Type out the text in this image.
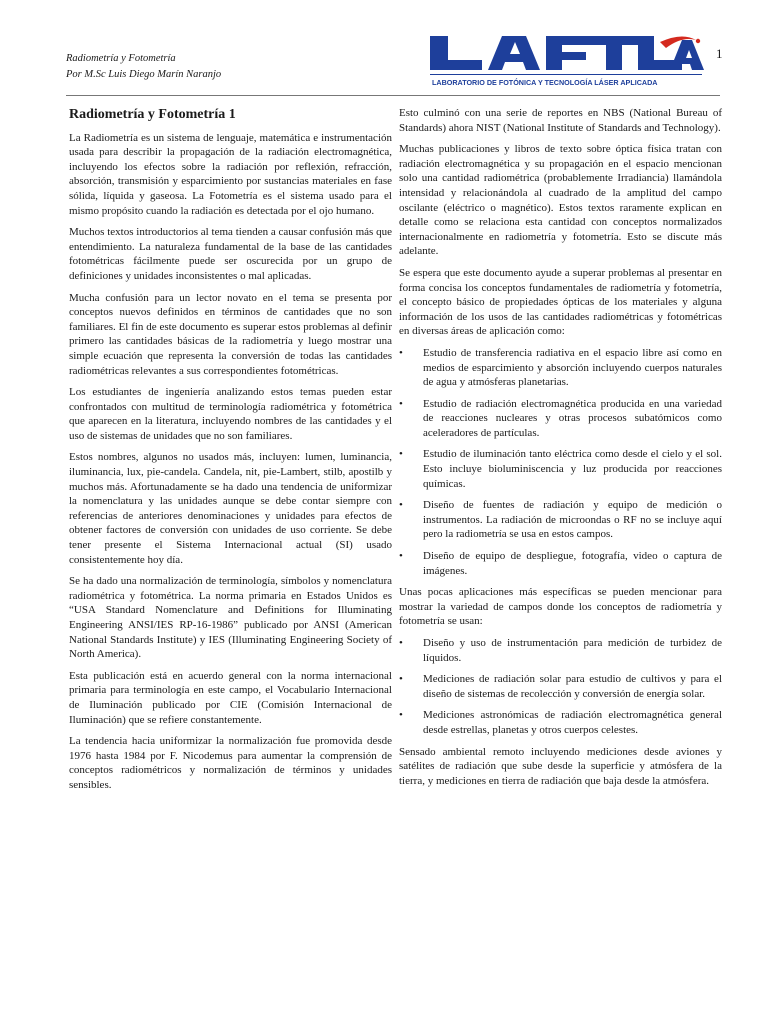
Radiometría y Fotometría
Por M.Sc Luis Diego Marín Naranjo
LABORATORIO DE FOTÓNICA Y TECNOLOGÍA LÁSER APLICADA
1
Radiometría y Fotometría 1

La Radiometría es un sistema de lenguaje, matemática e instrumentación usada para describir la propagación de la radiación electromagnética, incluyendo los efectos sobre la radiación por reflexión, refracción, absorción, transmisión y esparcimiento por sustancias materiales en fase sólida, líquida y gaseosa. La Fotometría es el sistema usado para el mismo propósito cuando la radiación es detectada por el ojo humano.

Muchos textos introductorios al tema tienden a causar confusión más que entendimiento. La naturaleza fundamental de la base de las cantidades fotométricas fácilmente puede ser oscurecida por un grupo de definiciones y unidades inconsistentes o mal aplicadas.

Mucha confusión para un lector novato en el tema se presenta por conceptos nuevos definidos en términos de cantidades que no son familiares. El fin de este documento es superar estos problemas al definir primero las cantidades básicas de la radiometría y luego mostrar una simple ecuación que representa la conversión de todas las cantidades radiométricas relevantes a sus correspondientes fotométricas.

Los estudiantes de ingeniería analizando estos temas pueden estar confrontados con multitud de terminología radiométrica y fotométrica que aparecen en la literatura, incluyendo nombres de las cantidades y el uso de sistemas de unidades que no son familiares.

Estos nombres, algunos no usados más, incluyen: lumen, luminancia, iluminancia, lux, pie-candela. Candela, nit, pie-Lambert, stilb, apostilb y muchos más. Afortunadamente se ha dado una tendencia de uniformizar la nomenclatura y las unidades aunque se debe contar siempre con referencias de anteriores denominaciones y unidades para efectos de obtener factores de conversión con unidades de uso corriente. Se debe tener presente el Sistema Internacional actual (SI) usado consistentemente hoy día.

Se ha dado una normalización de terminología, símbolos y nomenclatura radiométrica y fotométrica. La norma primaria en Estados Unidos es “USA Standard Nomenclature and Definitions for Illuminating Engineering ANSI/IES RP-16-1986” publicado por ANSI (American National Standards Institute) y IES (Illuminating Engineering Society of North America).

Esta publicación está en acuerdo general con la norma internacional primaria para terminología en este campo, el Vocabulario Internacional de Iluminación publicado por CIE (Comisión Internacional de Iluminación) que se refiere constantemente.

La tendencia hacia uniformizar la normalización fue promovida desde 1976 hasta 1984 por F. Nicodemus para aumentar la comprensión de conceptos radiométricos y normalización de términos y unidades sensibles.

Esto culminó con una serie de reportes en NBS (National Bureau of Standards) ahora NIST (National Institute of Standards and Technology).

Muchas publicaciones y libros de texto sobre óptica física tratan con radiación electromagnética y su propagación en el espacio mencionan solo una cantidad radiométrica (probablemente Irradiancia) llamándola intensidad y relacionándola al cuadrado de la amplitud del campo oscilante (eléctrico o magnético). Estos textos raramente explican en detalle como se relaciona esta cantidad con conceptos normalizados internacionalmente en radiometría y fotometría. Esto se discute más adelante.

Se espera que este documento ayude a superar problemas al presentar en forma concisa los conceptos fundamentales de radiometría y fotometría, el concepto básico de propiedades ópticas de los materiales y alguna información de los usos de las cantidades radiométricas y fotométricas en diversas áreas de aplicación como:

• Estudio de transferencia radiativa en el espacio libre así como en medios de esparcimiento y absorción incluyendo cuerpos naturales de agua y atmósferas planetarias.
• Estudio de radiación electromagnética producida en una variedad de reacciones nucleares y otras procesos subatómicos como aceleradores de partículas.
• Estudio de iluminación tanto eléctrica como desde el cielo y el sol. Esto incluye bioluminiscencia y luz producida por reacciones químicas.
• Diseño de fuentes de radiación y equipo de medición o instrumentos. La radiación de microondas o RF no se incluye aquí pero la radiometría se usa en estos campos.
• Diseño de equipo de despliegue, fotografía, video o captura de imágenes.

Unas pocas aplicaciones más específicas se pueden mencionar para mostrar la variedad de campos donde los conceptos de radiometría y fotometría se usan:

• Diseño y uso de instrumentación para medición de turbidez de líquidos.
• Mediciones de radiación solar para estudio de cultivos y para el diseño de sistemas de recolección y conversión de energía solar.
• Mediciones astronómicas de radiación electromagnética general desde estrellas, planetas y otros cuerpos celestes.

Sensado ambiental remoto incluyendo mediciones desde aviones y satélites de radiación que sube desde la superficie y atmósfera de la tierra, y mediciones en tierra de radiación que baja desde la atmósfera.
